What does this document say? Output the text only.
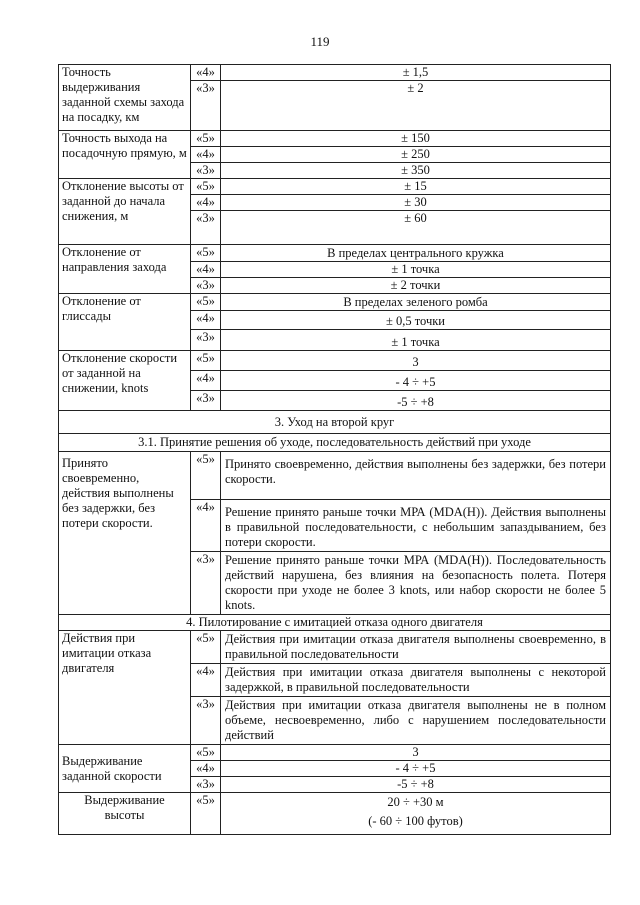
119
Точность выдерживания заданной схемы захода на посадку, км	«4»	± 1,5
	«3»	± 2
Точность выхода на посадочную прямую, м	«5»	± 150
	«4»	± 250
	«3»	± 350
Отклонение высоты от заданной до начала снижения, м	«5»	± 15
	«4»	± 30
	«3»	± 60
Отклонение от направления захода	«5»	В пределах центрального кружка
	«4»	± 1 точка
	«3»	± 2 точки
Отклонение от глиссады	«5»	В пределах зеленого ромба
	«4»	± 0,5 точки
	«3»	± 1 точка
Отклонение скорости от заданной на снижении, knots	«5»	3
	«4»	- 4 ÷ +5
	«3»	-5 ÷ +8
3. Уход на второй круг		
3.1. Принятие решения об уходе, последовательность действий при уходе		
Принято своевременно, действия выполнены без задержки, без потери скорости.	«5»	Принято своевременно, действия выполнены без задержки, без потери скорости.
	«4»	Решение принято раньше точки МРА (MDA(H)). Действия выполнены в правильной последовательности, с небольшим запаздыванием, без потери скорости.
	«3»	Решение принято раньше точки МРА (MDA(H)). Последовательность действий нарушена, без влияния на безопасность полета. Потеря скорости при уходе не более 3 knots, или набор скорости не более 5 knots.
4. Пилотирование с имитацией отказа одного двигателя		
Действия при имитации отказа двигателя	«5»	Действия при имитации отказа двигателя выполнены своевременно, в правильной последовательности
	«4»	Действия при имитации отказа двигателя выполнены с некоторой задержкой, в правильной последовательности
	«3»	Действия при имитации отказа двигателя выполнены не в полном объеме, несвоевременно, либо с нарушением последовательности действий
Выдерживание заданной скорости	«5»	3
	«4»	- 4 ÷ +5
	«3»	-5 ÷ +8
Выдерживание высоты	«5»	20 ÷ +30 м
(- 60 ÷ 100 футов)
